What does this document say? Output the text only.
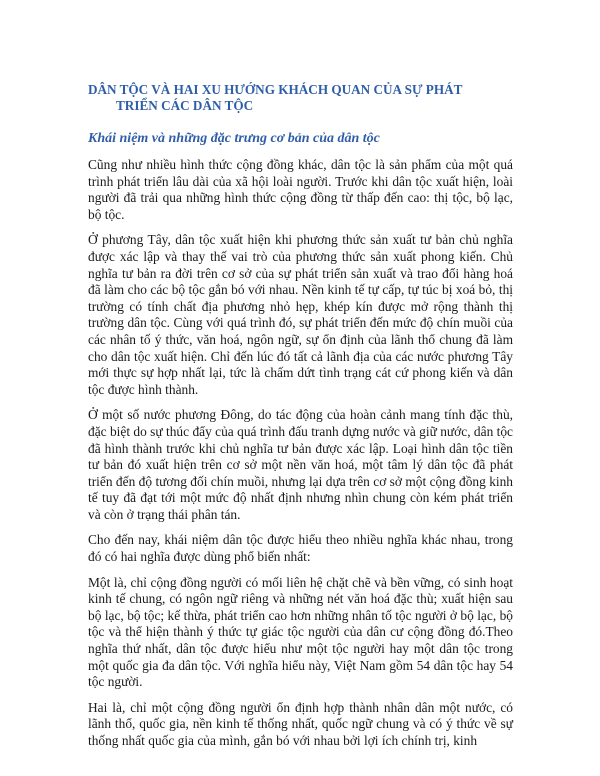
DÂN TỘC VÀ HAI XU HƯỚNG KHÁCH QUAN CỦA SỰ PHÁT
TRIỂN CÁC DÂN TỘC
Khái niệm và những đặc trưng cơ bản của dân tộc

Cũng như nhiều hình thức cộng đồng khác, dân tộc là sản phẩm của một quá trình phát triển lâu dài của xã hội loài người. Trước khi dân tộc xuất hiện, loài người đã trải qua những hình thức cộng đồng từ thấp đến cao: thị tộc, bộ lạc, bộ tộc.

Ở phương Tây, dân tộc xuất hiện khi phương thức sản xuất tư bản chủ nghĩa được xác lập và thay thế vai trò của phương thức sản xuất phong kiến. Chủ nghĩa tư bản ra đời trên cơ sở của sự phát triển sản xuất và trao đổi hàng hoá đã làm cho các bộ tộc gắn bó với nhau. Nền kinh tế tự cấp, tự túc bị xoá bỏ, thị trường có tính chất địa phương nhỏ hẹp, khép kín được mở rộng thành thị trường dân tộc. Cùng với quá trình đó, sự phát triển đến mức độ chín muồi của các nhân tố ý thức, văn hoá, ngôn ngữ, sự ổn định của lãnh thổ chung đã làm cho dân tộc xuất hiện. Chỉ đến lúc đó tất cả lãnh địa của các nước phương Tây mới thực sự hợp nhất lại, tức là chấm dứt tình trạng cát cứ phong kiến và dân tộc được hình thành.

Ở một số nước phương Đông, do tác động của hoàn cảnh mang tính đặc thù, đặc biệt do sự thúc đẩy của quá trình đấu tranh dựng nước và giữ nước, dân tộc đã hình thành trước khi chủ nghĩa tư bản được xác lập. Loại hình dân tộc tiền tư bản đó xuất hiện trên cơ sở một nền văn hoá, một tâm lý dân tộc đã phát triển đến độ tương đối chín muồi, nhưng lại dựa trên cơ sở một cộng đồng kinh tế tuy đã đạt tới một mức độ nhất định nhưng nhìn chung còn kém phát triển và còn ở trạng thái phân tán.

Cho đến nay, khái niệm dân tộc được hiểu theo nhiều nghĩa khác nhau, trong đó có hai nghĩa được dùng phổ biến nhất:

Một là, chỉ cộng đồng người có mối liên hệ chặt chẽ và bền vững, có sinh hoạt kinh tế chung, có ngôn ngữ riêng và những nét văn hoá đặc thù; xuất hiện sau bộ lạc, bộ tộc; kế thừa, phát triển cao hơn những nhân tố tộc người ở bộ lạc, bộ tộc và thể hiện thành ý thức tự giác tộc người của dân cư cộng đồng đó.Theo nghĩa thứ nhất, dân tộc được hiểu như một tộc người hay một dân tộc trong một quốc gia đa dân tộc. Với nghĩa hiểu này, Việt Nam gồm 54 dân tộc hay 54 tộc người.

Hai là, chỉ một cộng đồng người ổn định hợp thành nhân dân một nước, có lãnh thổ, quốc gia, nền kinh tế thống nhất, quốc ngữ chung và có ý thức về sự thống nhất quốc gia của mình, gắn bó với nhau bởi lợi ích chính trị, kinh
